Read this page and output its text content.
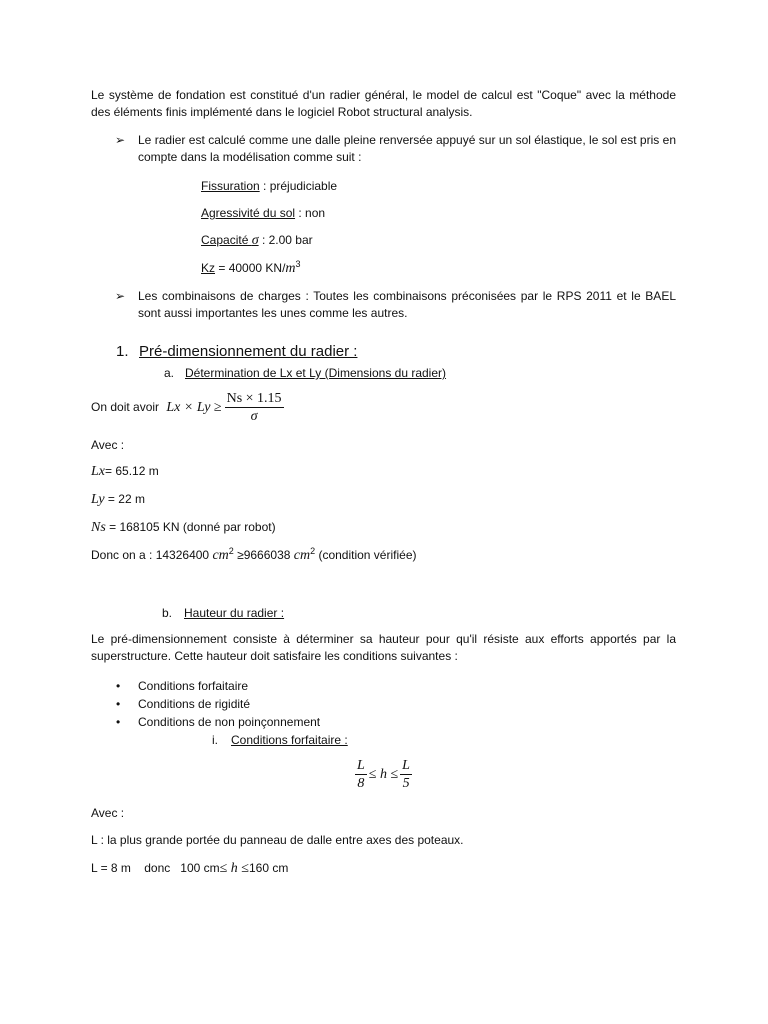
Le système de fondation est constitué d'un radier général, le model de calcul est "Coque" avec la méthode des éléments finis implémenté dans le logiciel Robot structural analysis.
➢	Le radier est calculé comme une dalle pleine renversée appuyé sur un sol élastique, le sol est pris en compte dans la modélisation comme suit :
Fissuration : préjudiciable
Agressivité du sol : non
Capacité σ : 2.00 bar
Kz = 40000 $KN/m^3$
➢	Les combinaisons de charges : Toutes les combinaisons préconisées par le RPS 2011 et le BAEL sont aussi importantes les unes comme les autres.
1. Pré-dimensionnement du radier :
a. Détermination de Lx et Ly (Dimensions du radier)
On doit avoir $Lx \times Ly \ge \frac{Ns \times 1.15}{\sigma}$
Avec :
Lx= 65.12 m
Ly = 22 m
Ns = 168105 KN (donné par robot)
Donc on a : 14326400 $cm^2 \ge 9666038$ $cm^2$ (condition vérifiée)
b. Hauteur du radier :
Le pré-dimensionnement consiste à déterminer sa hauteur pour qu'il résiste aux efforts apportés par la superstructure. Cette hauteur doit satisfaire les conditions suivantes :
• Conditions forfaitaire
• Conditions de rigidité
• Conditions de non poinçonnement
i. Conditions forfaitaire :
$\frac{L}{8} \le h \le \frac{L}{5}$
Avec :
L : la plus grande portée du panneau de dalle entre axes des poteaux.
L = 8 m    donc   100 cm≤ h ≤160 cm
